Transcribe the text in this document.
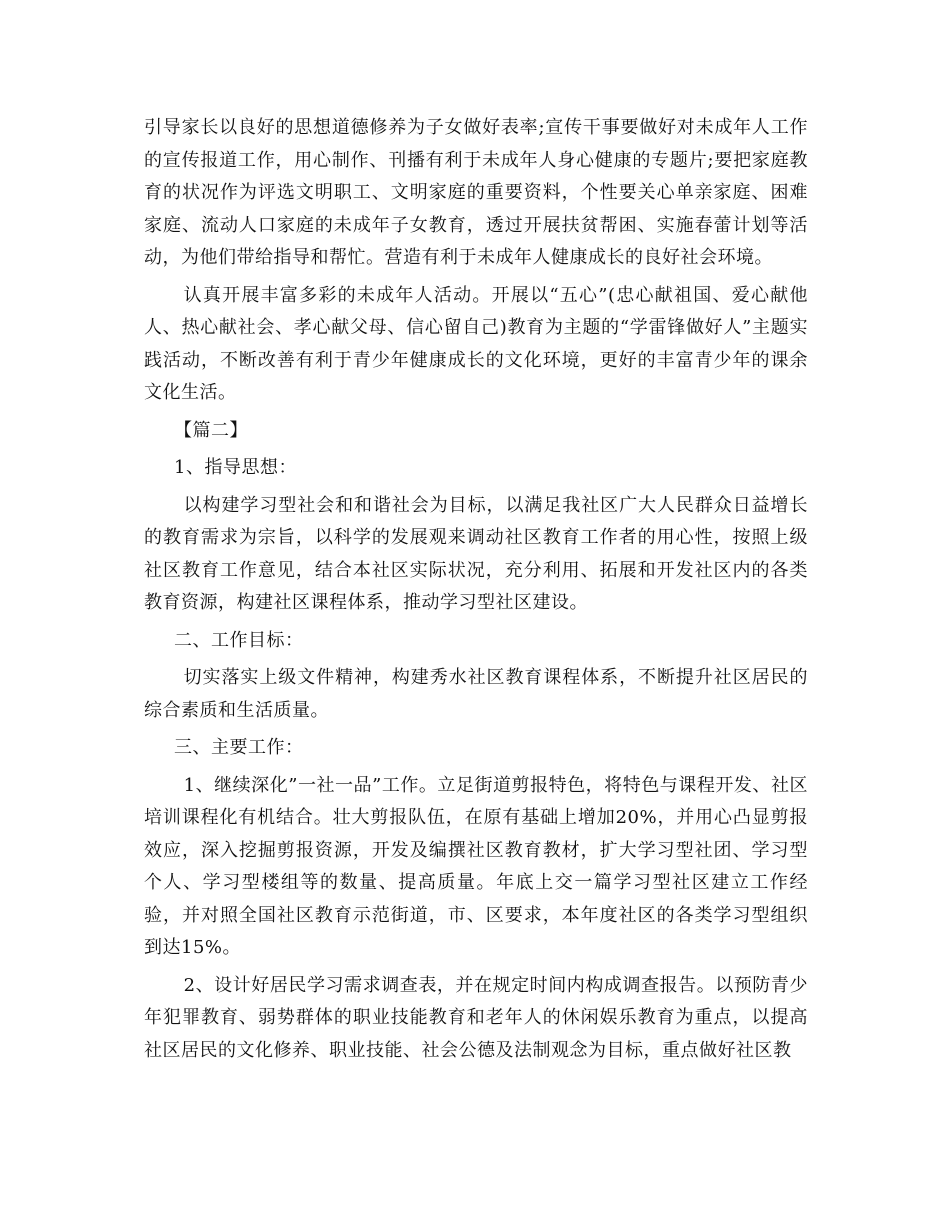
引导家长以良好的思想道德修养为子女做好表率;宣传干事要做好对未成年人工作的宣传报道工作，用心制作、刊播有利于未成年人身心健康的专题片;要把家庭教育的状况作为评选文明职工、文明家庭的重要资料，个性要关心单亲家庭、困难家庭、流动人口家庭的未成年子女教育，透过开展扶贫帮困、实施春蕾计划等活动，为他们带给指导和帮忙。营造有利于未成年人健康成长的良好社会环境。

认真开展丰富多彩的未成年人活动。开展以“五心”(忠心献祖国、爱心献他人、热心献社会、孝心献父母、信心留自己)教育为主题的“学雷锋做好人”主题实践活动，不断改善有利于青少年健康成长的文化环境，更好的丰富青少年的课余文化生活。

【篇二】

1、指导思想：

以构建学习型社会和和谐社会为目标，以满足我社区广大人民群众日益增长的教育需求为宗旨，以科学的发展观来调动社区教育工作者的用心性，按照上级社区教育工作意见，结合本社区实际状况，充分利用、拓展和开发社区内的各类教育资源，构建社区课程体系，推动学习型社区建设。

二、工作目标：

切实落实上级文件精神，构建秀水社区教育课程体系，不断提升社区居民的综合素质和生活质量。

三、主要工作：

1、继续深化”一社一品”工作。立足街道剪报特色，将特色与课程开发、社区培训课程化有机结合。壮大剪报队伍，在原有基础上增加20%，并用心凸显剪报效应，深入挖掘剪报资源，开发及编撰社区教育教材，扩大学习型社团、学习型个人、学习型楼组等的数量、提高质量。年底上交一篇学习型社区建立工作经验，并对照全国社区教育示范街道，市、区要求，本年度社区的各类学习型组织到达15%。

2、设计好居民学习需求调查表，并在规定时间内构成调查报告。以预防青少年犯罪教育、弱势群体的职业技能教育和老年人的休闲娱乐教育为重点，以提高社区居民的文化修养、职业技能、社会公德及法制观念为目标，重点做好社区教
